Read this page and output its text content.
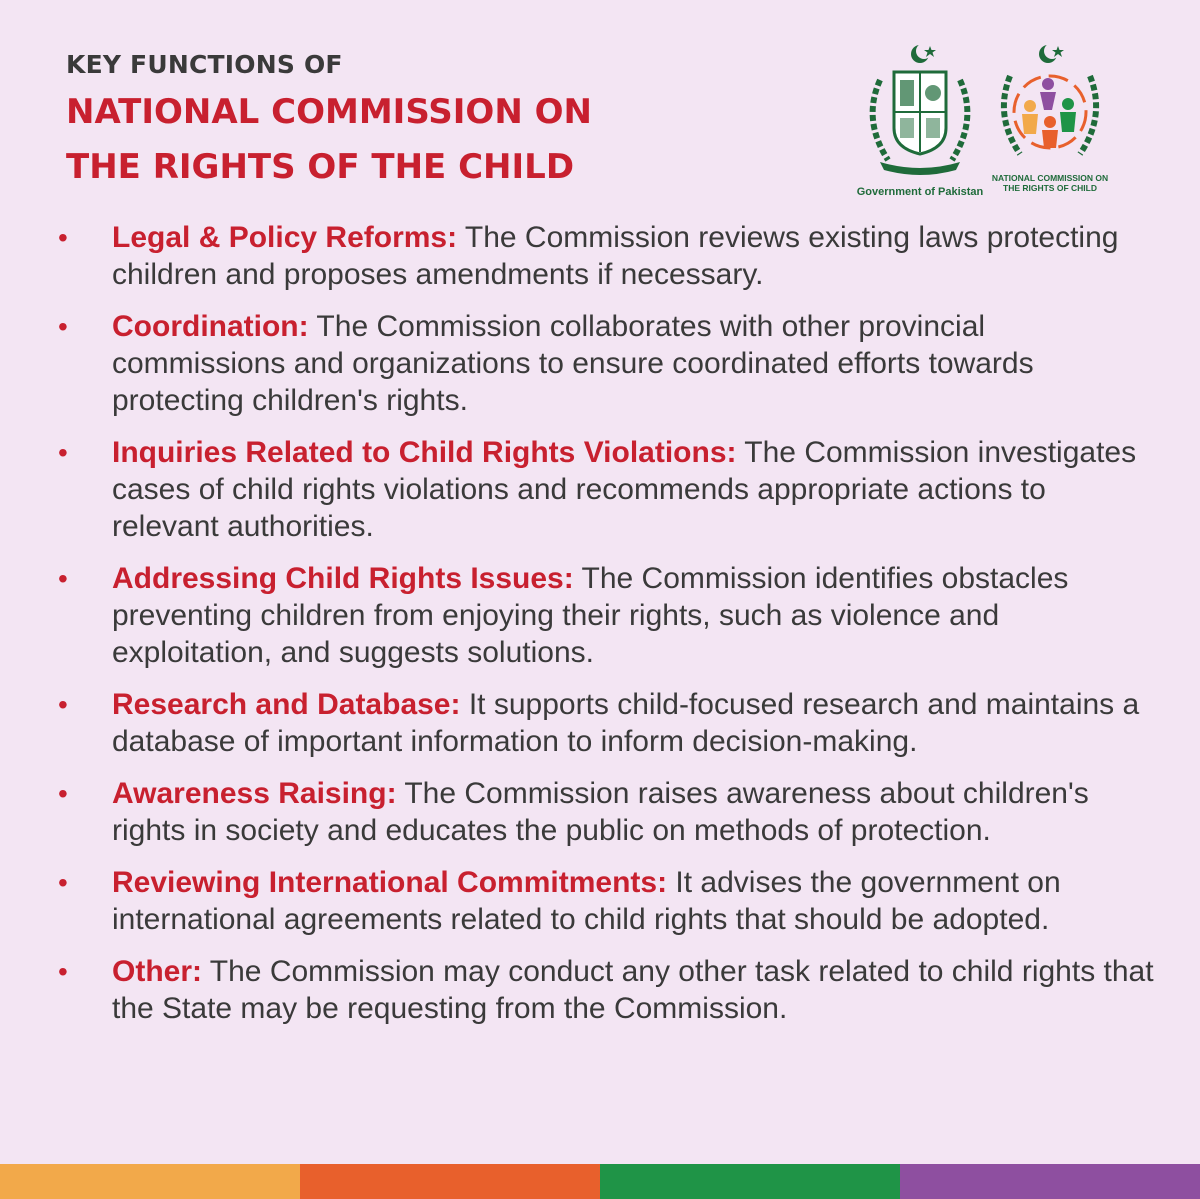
KEY FUNCTIONS OF
NATIONAL COMMISSION ON
THE RIGHTS OF THE CHILD
Government of Pakistan
NATIONAL COMMISSION ON
THE RIGHTS OF CHILD
• Legal & Policy Reforms: The Commission reviews existing laws protecting children and proposes amendments if necessary.
• Coordination: The Commission collaborates with other provincial commissions and organizations to ensure coordinated efforts towards protecting children's rights.
• Inquiries Related to Child Rights Violations: The Commission investigates cases of child rights violations and recommends appropriate actions to relevant authorities.
• Addressing Child Rights Issues: The Commission identifies obstacles preventing children from enjoying their rights, such as violence and exploitation, and suggests solutions.
• Research and Database: It supports child-focused research and maintains a database of important information to inform decision-making.
• Awareness Raising: The Commission raises awareness about children's rights in society and educates the public on methods of protection.
• Reviewing International Commitments: It advises the government on international agreements related to child rights that should be adopted.
• Other: The Commission may conduct any other task related to child rights that the State may be requesting from the Commission.
